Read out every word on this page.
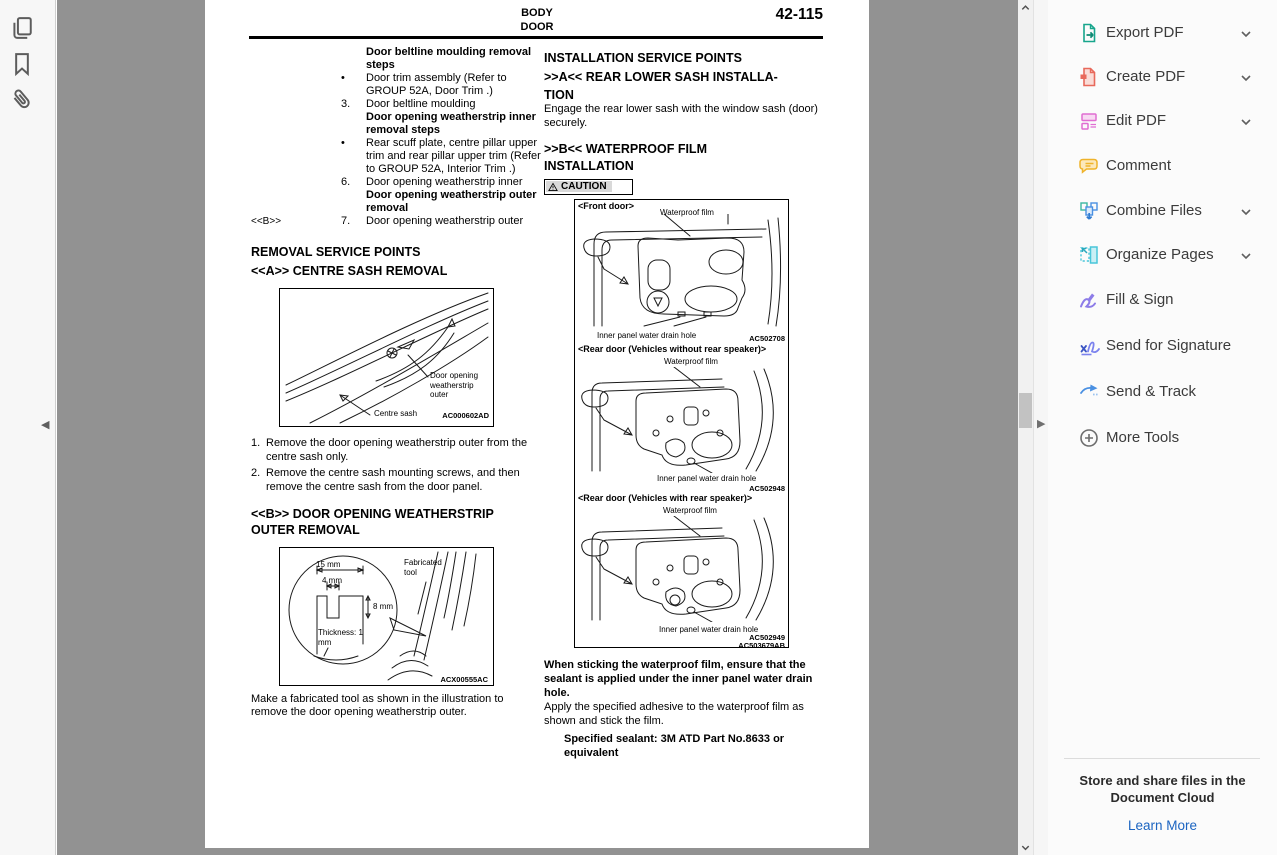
◀
BODY
DOOR
42-115
Door beltline moulding removal steps
•	Door trim assembly (Refer to GROUP 52A, Door Trim .)
3.	Door beltline moulding
Door opening weatherstrip inner removal steps
•	Rear scuff plate, centre pillar upper trim and rear pillar upper trim (Refer to GROUP 52A, Interior Trim .)
6.	Door opening weatherstrip inner
Door opening weatherstrip outer removal
<<B>>	7.	Door opening weatherstrip outer
REMOVAL SERVICE POINTS
<<A>> CENTRE SASH REMOVAL
Door opening weatherstrip outer
Centre sash	AC000602AD
1. Remove the door opening weatherstrip outer from the centre sash only.
2. Remove the centre sash mounting screws, and then remove the centre sash from the door panel.
<<B>> DOOR OPENING WEATHERSTRIP OUTER REMOVAL
15 mm
4 mm
8 mm
Thickness: 1 mm
Fabricated tool
ACX00555AC
Make a fabricated tool as shown in the illustration to remove the door opening weatherstrip outer.
INSTALLATION SERVICE POINTS
>>A<< REAR LOWER SASH INSTALLA-TION
Engage the rear lower sash with the window sash (door) securely.
>>B<< WATERPROOF FILM INSTALLATION
CAUTION
<Front door>
Waterproof film
Inner panel water drain hole	AC502708
<Rear door (Vehicles without rear speaker)>
Waterproof film
Inner panel water drain hole
AC502948
<Rear door (Vehicles with rear speaker)>
Waterproof film
Inner panel water drain hole
AC502949
AC503679AB
When sticking the waterproof film, ensure that the sealant is applied under the inner panel water drain hole.
Apply the specified adhesive to the waterproof film as shown and stick the film.
Specified sealant: 3M ATD Part No.8633 or equivalent
▶
Export PDF
Create PDF
Edit PDF
Comment
Combine Files
Organize Pages
Fill & Sign
Send for Signature
Send & Track
More Tools
Store and share files in the
Document Cloud
Learn More
